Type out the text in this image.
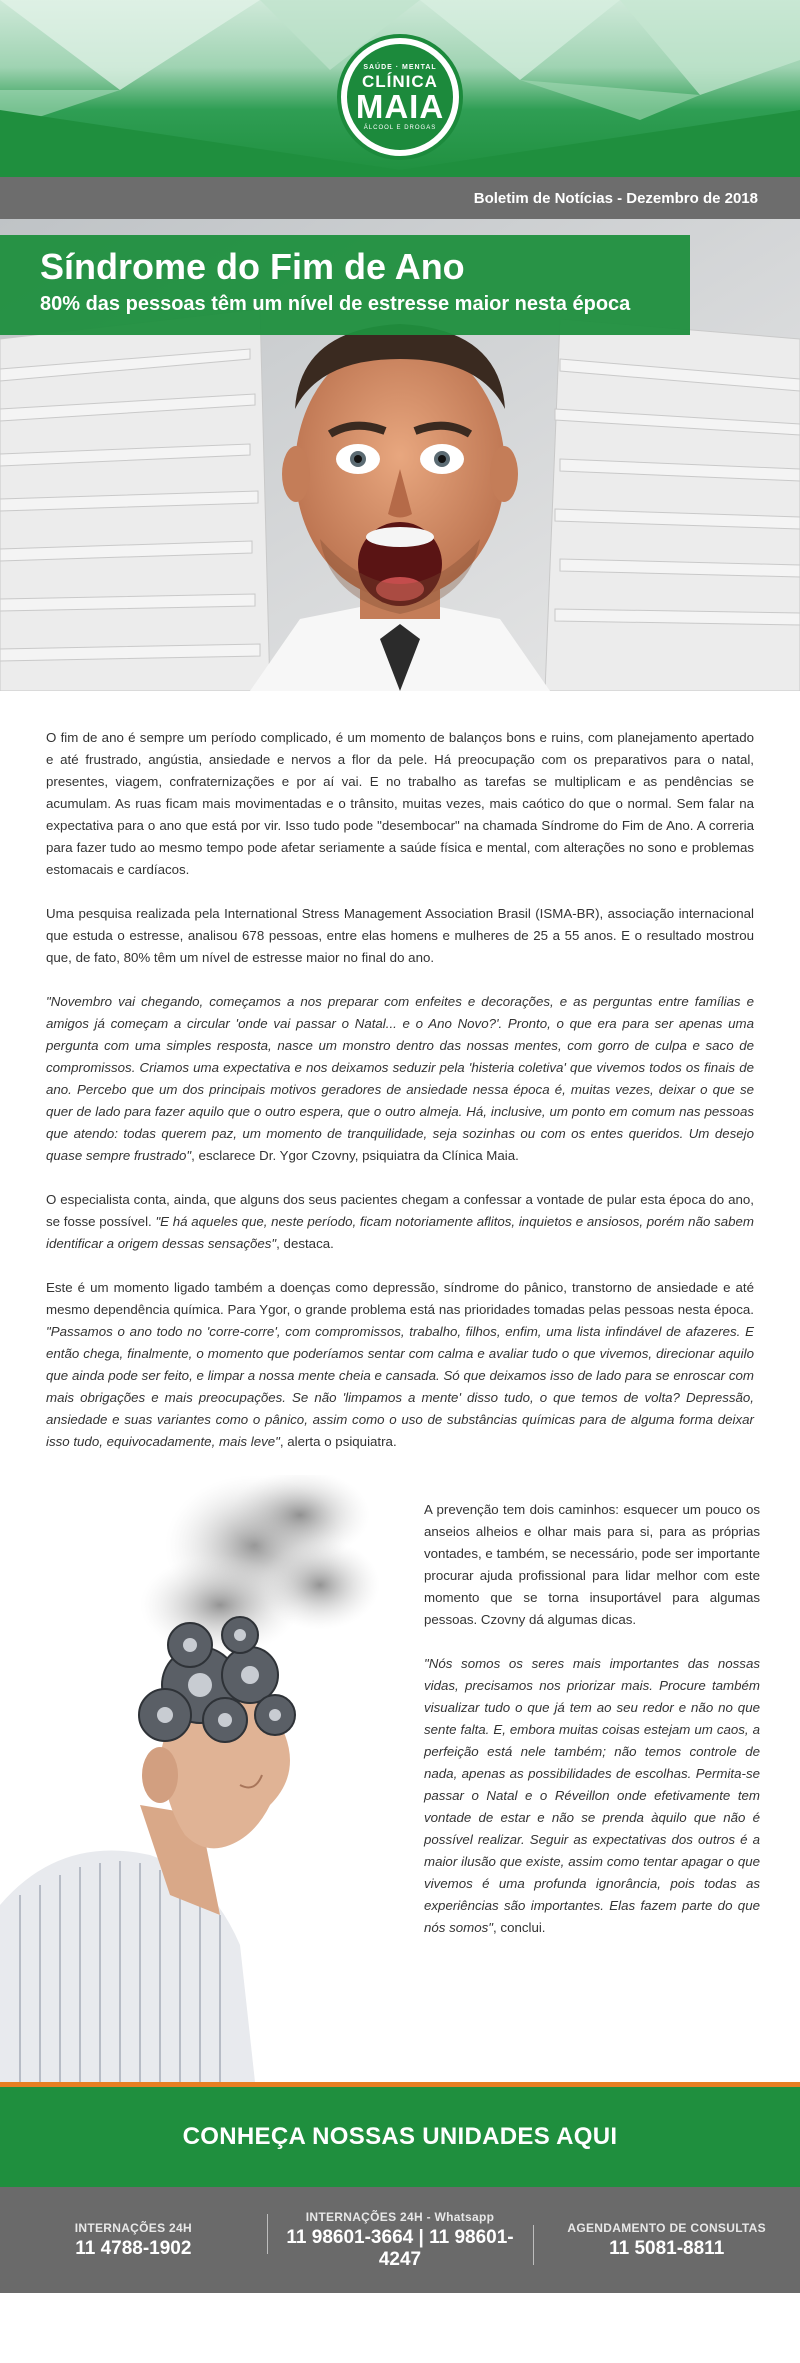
SAÚDE · MENTAL
CLÍNICA
MAIA
ÁLCOOL E DROGAS
Boletim de Notícias - Dezembro de 2018
Síndrome do Fim de Ano
80% das pessoas têm um nível de estresse maior nesta época

O fim de ano é sempre um período complicado, é um momento de balanços bons e ruins, com planejamento apertado e até frustrado, angústia, ansiedade e nervos a flor da pele. Há preocupação com os preparativos para o natal, presentes, viagem, confraternizações e por aí vai. E no trabalho as tarefas se multiplicam e as pendências se acumulam. As ruas ficam mais movimentadas e o trânsito, muitas vezes, mais caótico do que o normal. Sem falar na expectativa para o ano que está por vir. Isso tudo pode "desembocar" na chamada Síndrome do Fim de Ano. A correria para fazer tudo ao mesmo tempo pode afetar seriamente a saúde física e mental, com alterações no sono e problemas estomacais e cardíacos.

Uma pesquisa realizada pela International Stress Management Association Brasil (ISMA-BR), associação internacional que estuda o estresse, analisou 678 pessoas, entre elas homens e mulheres de 25 a 55 anos. E o resultado mostrou que, de fato, 80% têm um nível de estresse maior no final do ano.

"Novembro vai chegando, começamos a nos preparar com enfeites e decorações, e as perguntas entre famílias e amigos já começam a circular 'onde vai passar o Natal... e o Ano Novo?'. Pronto, o que era para ser apenas uma pergunta com uma simples resposta, nasce um monstro dentro das nossas mentes, com gorro de culpa e saco de compromissos. Criamos uma expectativa e nos deixamos seduzir pela 'histeria coletiva' que vivemos todos os finais de ano. Percebo que um dos principais motivos geradores de ansiedade nessa época é, muitas vezes, deixar o que se quer de lado para fazer aquilo que o outro espera, que o outro almeja. Há, inclusive, um ponto em comum nas pessoas que atendo: todas querem paz, um momento de tranquilidade, seja sozinhas ou com os entes queridos. Um desejo quase sempre frustrado", esclarece Dr. Ygor Czovny, psiquiatra da Clínica Maia.

O especialista conta, ainda, que alguns dos seus pacientes chegam a confessar a vontade de pular esta época do ano, se fosse possível. "E há aqueles que, neste período, ficam notoriamente aflitos, inquietos e ansiosos, porém não sabem identificar a origem dessas sensações", destaca.

Este é um momento ligado também a doenças como depressão, síndrome do pânico, transtorno de ansiedade e até mesmo dependência química. Para Ygor, o grande problema está nas prioridades tomadas pelas pessoas nesta época. "Passamos o ano todo no 'corre-corre', com compromissos, trabalho, filhos, enfim, uma lista infindável de afazeres. E então chega, finalmente, o momento que poderíamos sentar com calma e avaliar tudo o que vivemos, direcionar aquilo que ainda pode ser feito, e limpar a nossa mente cheia e cansada. Só que deixamos isso de lado para se enroscar com mais obrigações e mais preocupações. Se não 'limpamos a mente' disso tudo, o que temos de volta? Depressão, ansiedade e suas variantes como o pânico, assim como o uso de substâncias químicas para de alguma forma deixar isso tudo, equivocadamente, mais leve", alerta o psiquiatra.

A prevenção tem dois caminhos: esquecer um pouco os anseios alheios e olhar mais para si, para as próprias vontades, e também, se necessário, pode ser importante procurar ajuda profissional para lidar melhor com este momento que se torna insuportável para algumas pessoas. Czovny dá algumas dicas.

"Nós somos os seres mais importantes das nossas vidas, precisamos nos priorizar mais. Procure também visualizar tudo o que já tem ao seu redor e não no que sente falta. E, embora muitas coisas estejam um caos, a perfeição está nele também; não temos controle de nada, apenas as possibilidades de escolhas. Permita-se passar o Natal e o Réveillon onde efetivamente tem vontade de estar e não se prenda àquilo que não é possível realizar. Seguir as expectativas dos outros é a maior ilusão que existe, assim como tentar apagar o que vivemos é uma profunda ignorância, pois todas as experiências são importantes. Elas fazem parte do que nós somos", conclui.

CONHEÇA NOSSAS UNIDADES AQUI
INTERNAÇÕES 24H
11 4788-1902
INTERNAÇÕES 24H - Whatsapp
11 98601-3664 | 11 98601-4247
AGENDAMENTO DE CONSULTAS
11 5081-8811
